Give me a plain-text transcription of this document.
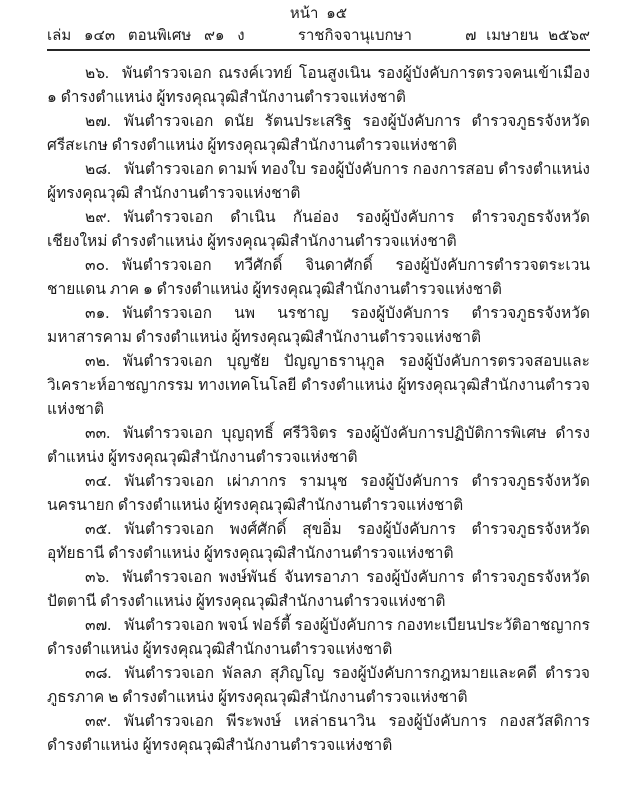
หน้า ๑๕
เล่ม ๑๔๓ ตอนพิเศษ ๙๑ ง	ราชกิจจานุเบกษา	๗ เมษายน ๒๕๖๙

๒๖. พันตำรวจเอก ณรงค์เวทย์ โอนสูงเนิน รองผู้บังคับการตรวจคนเข้าเมือง ๑ ดำรงตำแหน่ง ผู้ทรงคุณวุฒิสำนักงานตำรวจแห่งชาติ

๒๗. พันตำรวจเอก ดนัย รัตนประเสริฐ รองผู้บังคับการ ตำรวจภูธรจังหวัดศรีสะเกษ ดำรงตำแหน่ง ผู้ทรงคุณวุฒิสำนักงานตำรวจแห่งชาติ

๒๘. พันตำรวจเอก ดามพ์ ทองใบ รองผู้บังคับการ กองการสอบ ดำรงตำแหน่ง ผู้ทรงคุณวุฒิ สำนักงานตำรวจแห่งชาติ

๒๙. พันตำรวจเอก ดำเนิน กันอ่อง รองผู้บังคับการ ตำรวจภูธรจังหวัดเชียงใหม่ ดำรงตำแหน่ง ผู้ทรงคุณวุฒิสำนักงานตำรวจแห่งชาติ

๓๐. พันตำรวจเอก ทวีศักดิ์ จินดาศักดิ์ รองผู้บังคับการตำรวจตระเวนชายแดน ภาค ๑ ดำรงตำแหน่ง ผู้ทรงคุณวุฒิสำนักงานตำรวจแห่งชาติ

๓๑. พันตำรวจเอก นพ นรชาญ รองผู้บังคับการ ตำรวจภูธรจังหวัดมหาสารคาม ดำรงตำแหน่ง ผู้ทรงคุณวุฒิสำนักงานตำรวจแห่งชาติ

๓๒. พันตำรวจเอก บุญชัย ปัญญาธรานุกูล รองผู้บังคับการตรวจสอบและวิเคราะห์อาชญากรรม ทางเทคโนโลยี ดำรงตำแหน่ง ผู้ทรงคุณวุฒิสำนักงานตำรวจแห่งชาติ

๓๓. พันตำรวจเอก บุญฤทธิ์ ศรีวิจิตร รองผู้บังคับการปฏิบัติการพิเศษ ดำรงตำแหน่ง ผู้ทรงคุณวุฒิสำนักงานตำรวจแห่งชาติ

๓๔. พันตำรวจเอก เผ่าภากร รามนุช รองผู้บังคับการ ตำรวจภูธรจังหวัดนครนายก ดำรงตำแหน่ง ผู้ทรงคุณวุฒิสำนักงานตำรวจแห่งชาติ

๓๕. พันตำรวจเอก พงศ์ศักดิ์ สุขอิ่ม รองผู้บังคับการ ตำรวจภูธรจังหวัดอุทัยธานี ดำรงตำแหน่ง ผู้ทรงคุณวุฒิสำนักงานตำรวจแห่งชาติ

๓๖. พันตำรวจเอก พงษ์พันธ์ จันทรอาภา รองผู้บังคับการ ตำรวจภูธรจังหวัดปัตตานี ดำรงตำแหน่ง ผู้ทรงคุณวุฒิสำนักงานตำรวจแห่งชาติ

๓๗. พันตำรวจเอก พจน์ ฟอร์ตี้ รองผู้บังคับการ กองทะเบียนประวัติอาชญากร ดำรงตำแหน่ง ผู้ทรงคุณวุฒิสำนักงานตำรวจแห่งชาติ

๓๘. พันตำรวจเอก พัลลภ สุภิญโญ รองผู้บังคับการกฎหมายและคดี ตำรวจภูธรภาค ๒ ดำรงตำแหน่ง ผู้ทรงคุณวุฒิสำนักงานตำรวจแห่งชาติ

๓๙. พันตำรวจเอก พีระพงษ์ เหล่าธนาวิน รองผู้บังคับการ กองสวัสดิการ ดำรงตำแหน่ง ผู้ทรงคุณวุฒิสำนักงานตำรวจแห่งชาติ
